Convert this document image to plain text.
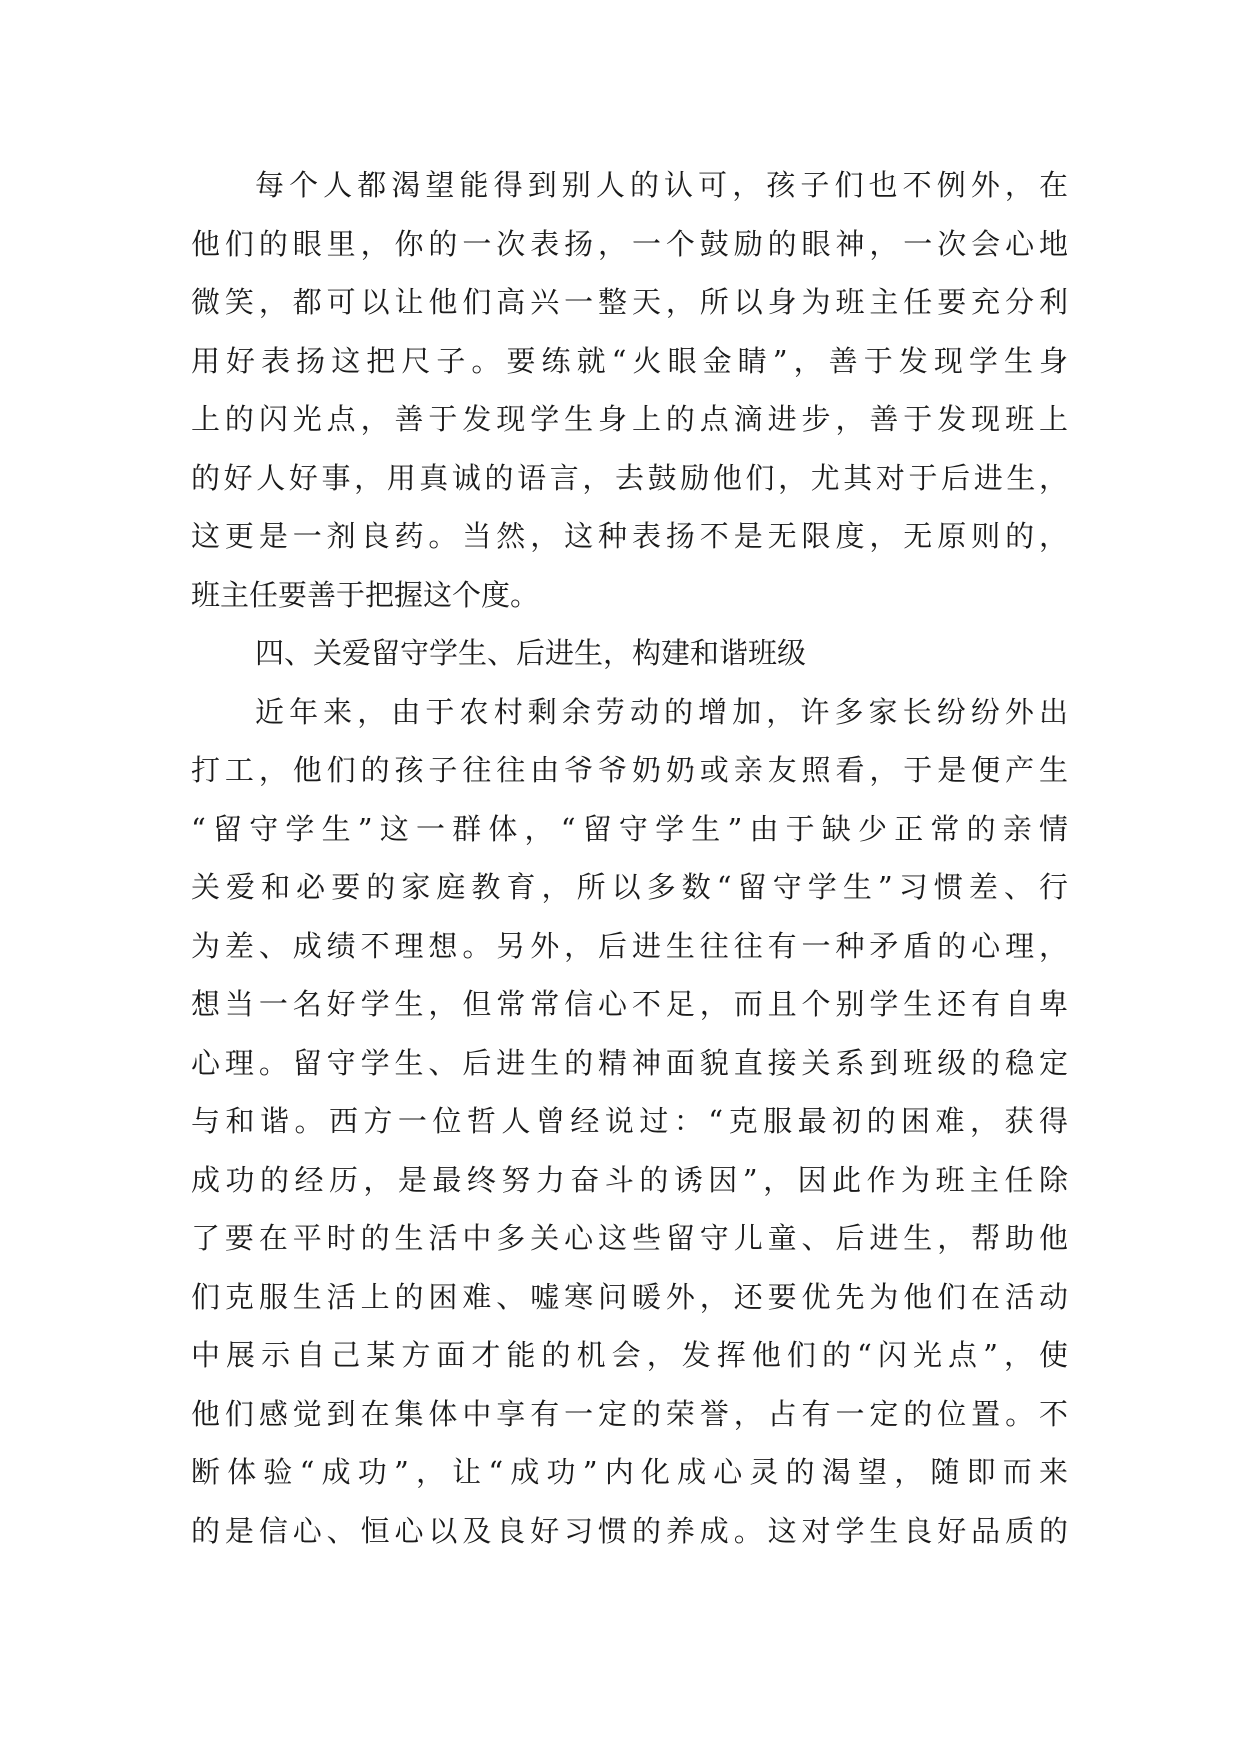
每个人都渴望能得到别人的认可，孩子们也不例外，在
他们的眼里，你的一次表扬，一个鼓励的眼神，一次会心地
微笑，都可以让他们高兴一整天，所以身为班主任要充分利
用好表扬这把尺子。要练就“火眼金睛”，善于发现学生身
上的闪光点，善于发现学生身上的点滴进步，善于发现班上
的好人好事，用真诚的语言，去鼓励他们，尤其对于后进生，
这更是一剂良药。当然，这种表扬不是无限度，无原则的，
班主任要善于把握这个度。
四、关爱留守学生、后进生，构建和谐班级
近年来，由于农村剩余劳动的增加，许多家长纷纷外出
打工，他们的孩子往往由爷爷奶奶或亲友照看，于是便产生
“留守学生”这一群体，“留守学生”由于缺少正常的亲情
关爱和必要的家庭教育，所以多数“留守学生”习惯差、行
为差、成绩不理想。另外，后进生往往有一种矛盾的心理，
想当一名好学生，但常常信心不足，而且个别学生还有自卑
心理。留守学生、后进生的精神面貌直接关系到班级的稳定
与和谐。西方一位哲人曾经说过：“克服最初的困难，获得
成功的经历，是最终努力奋斗的诱因”，因此作为班主任除
了要在平时的生活中多关心这些留守儿童、后进生，帮助他
们克服生活上的困难、嘘寒问暖外，还要优先为他们在活动
中展示自己某方面才能的机会，发挥他们的“闪光点”，使
他们感觉到在集体中享有一定的荣誉，占有一定的位置。不
断体验“成功”，让“成功”内化成心灵的渴望，随即而来
的是信心、恒心以及良好习惯的养成。这对学生良好品质的
